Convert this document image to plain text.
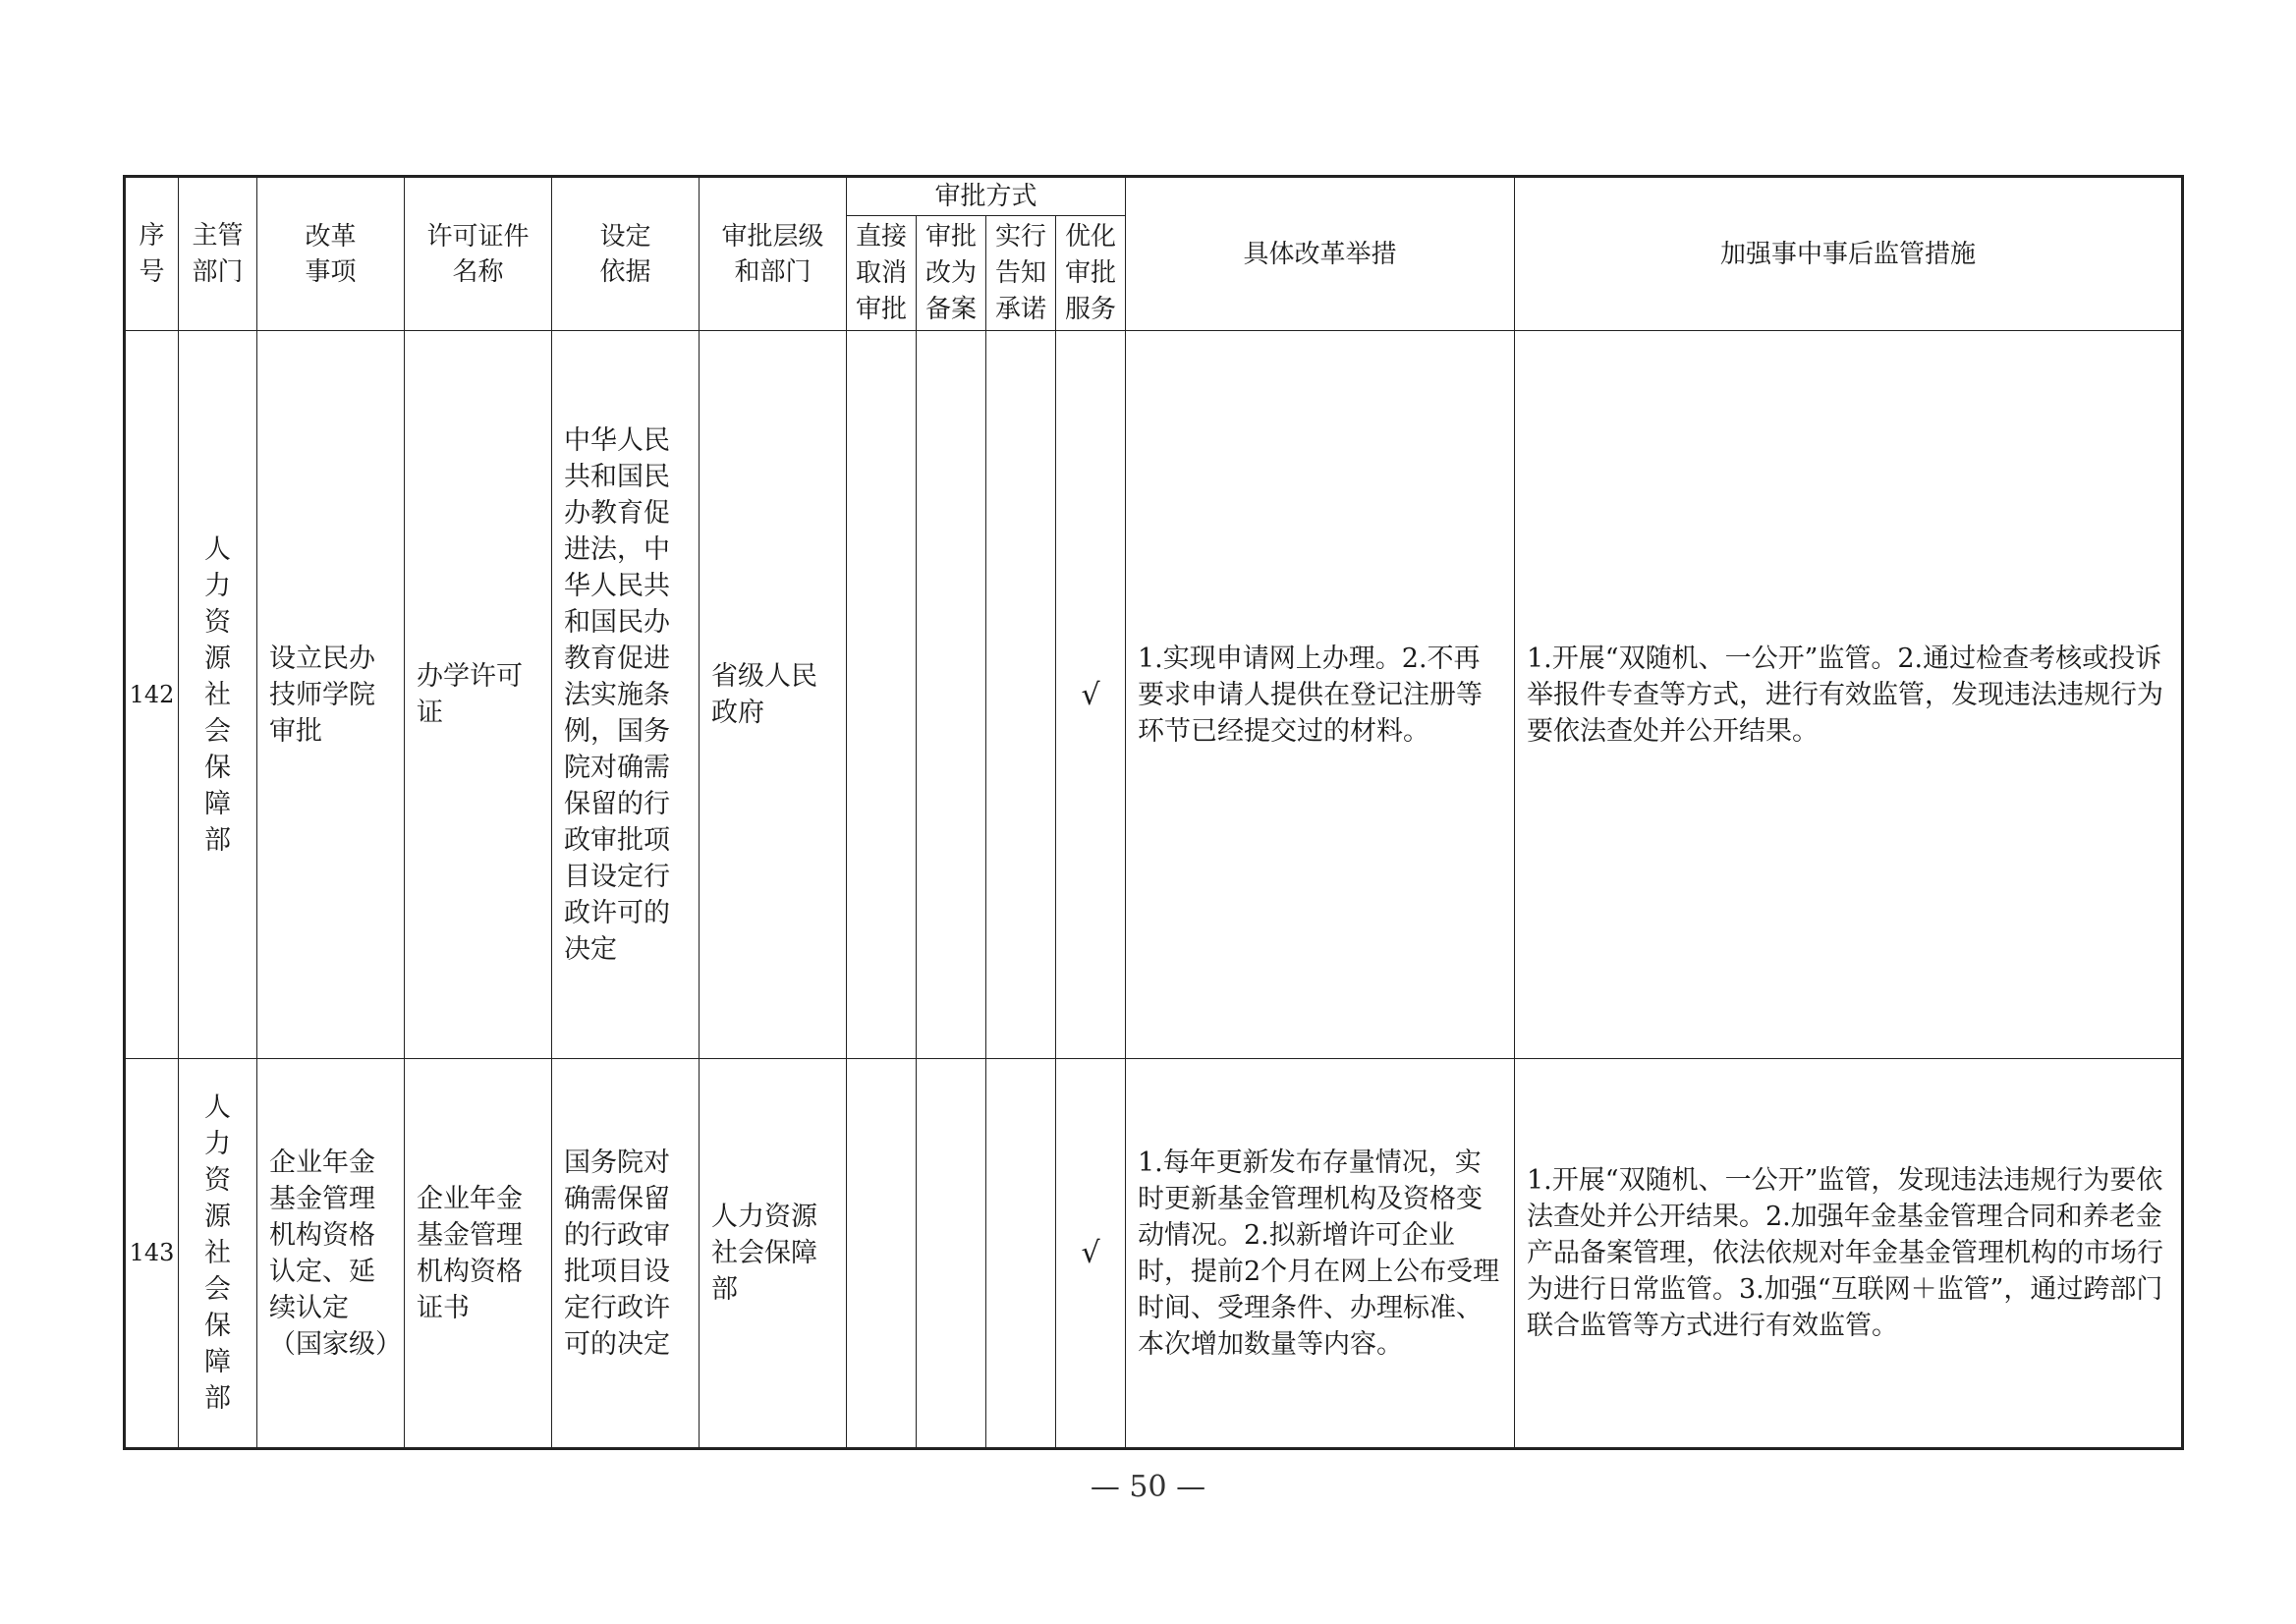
序号	主管部门	改革事项	许可证件名称	设定依据	审批层级和部门	审批方式				具体改革举措	加强事中事后监管措施

						直接取消审批	审批改为备案	实行告知承诺	优化审批服务		

142	人力资源社会保障部	设立民办技师学院审批	办学许可证	中华人民共和国民办教育促进法，中华人民共和国民办教育促进法实施条例，国务院对确需保留的行政审批项目设定行政许可的决定	省级人民政府				√	1.实现申请网上办理。2.不再要求申请人提供在登记注册等环节已经提交过的材料。	1.开展“双随机、一公开”监管。2.通过检查考核或投诉举报件专查等方式，进行有效监管，发现违法违规行为要依法查处并公开结果。
143	人力资源社会保障部	企业年金基金管理机构资格认定、延续认定（国家级）	企业年金基金管理机构资格证书	国务院对确需保留的行政审批项目设定行政许可的决定	人力资源社会保障部				√	1.每年更新发布存量情况，实时更新基金管理机构及资格变动情况。2.拟新增许可企业时，提前2个月在网上公布受理时间、受理条件、办理标准、本次增加数量等内容。	1.开展“双随机、一公开”监管，发现违法违规行为要依法查处并公开结果。2.加强年金基金管理合同和养老金产品备案管理，依法依规对年金基金管理机构的市场行为进行日常监管。3.加强“互联网＋监管”，通过跨部门联合监管等方式进行有效监管。
— 50 —
